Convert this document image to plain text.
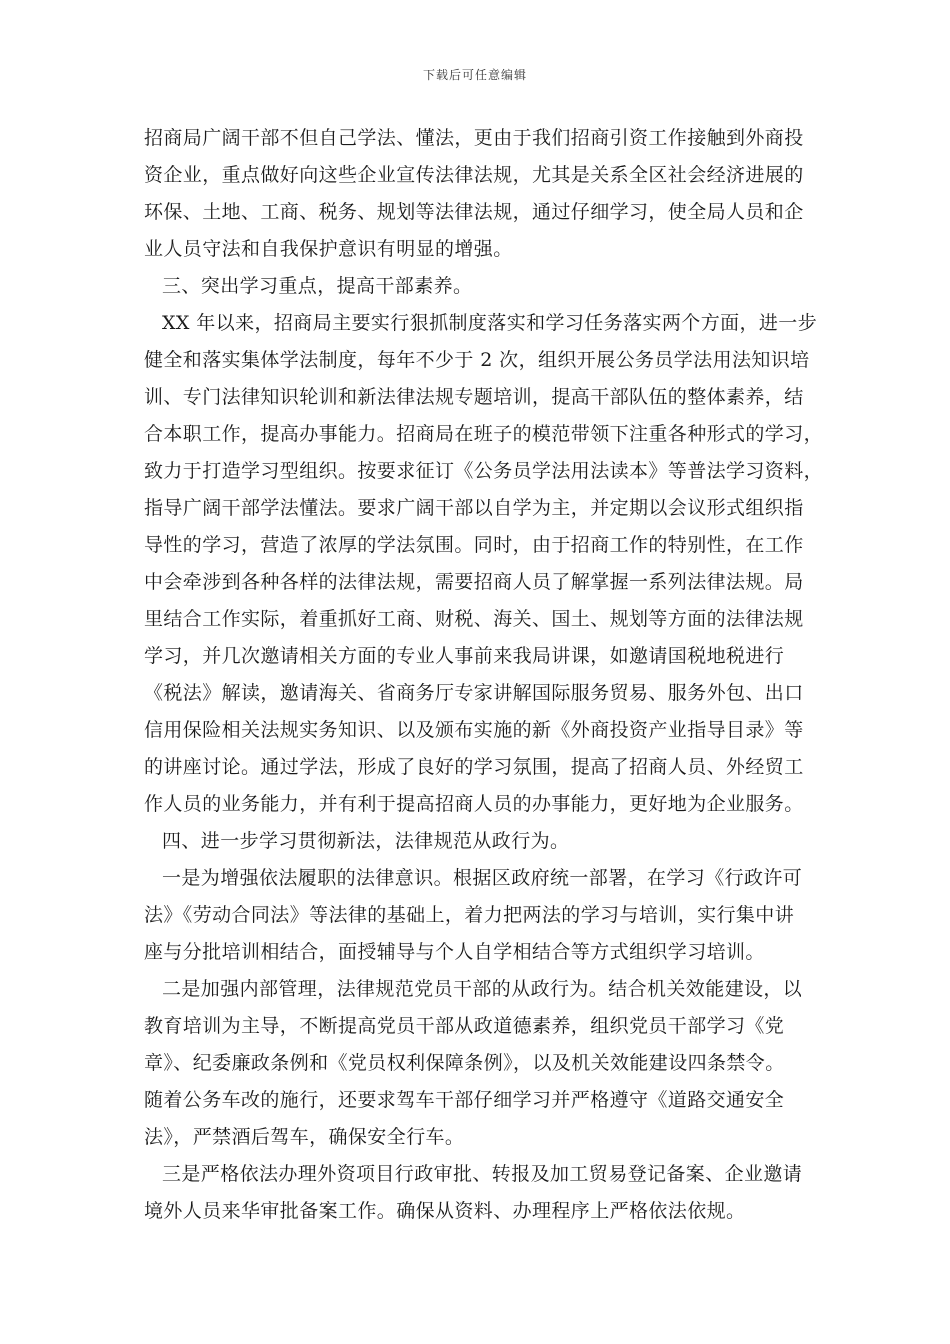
下载后可任意编辑

招商局广阔干部不但自己学法、懂法，更由于我们招商引资工作接触到外商投
资企业，重点做好向这些企业宣传法律法规，尤其是关系全区社会经济进展的
环保、土地、工商、税务、规划等法律法规，通过仔细学习，使全局人员和企
业人员守法和自我保护意识有明显的增强。

三、突出学习重点，提高干部素养。

XX 年以来，招商局主要实行狠抓制度落实和学习任务落实两个方面，进一步
健全和落实集体学法制度，每年不少于 2 次，组织开展公务员学法用法知识培
训、专门法律知识轮训和新法律法规专题培训，提高干部队伍的整体素养，结
合本职工作，提高办事能力。招商局在班子的模范带领下注重各种形式的学习，
致力于打造学习型组织。按要求征订《公务员学法用法读本》等普法学习资料，
指导广阔干部学法懂法。要求广阔干部以自学为主，并定期以会议形式组织指
导性的学习，营造了浓厚的学法氛围。同时，由于招商工作的特别性，在工作
中会牵涉到各种各样的法律法规，需要招商人员了解掌握一系列法律法规。局
里结合工作实际，着重抓好工商、财税、海关、国土、规划等方面的法律法规
学习，并几次邀请相关方面的专业人事前来我局讲课，如邀请国税地税进行
《税法》解读，邀请海关、省商务厅专家讲解国际服务贸易、服务外包、出口
信用保险相关法规实务知识、以及颁布实施的新《外商投资产业指导目录》等
的讲座讨论。通过学法，形成了良好的学习氛围，提高了招商人员、外经贸工
作人员的业务能力，并有利于提高招商人员的办事能力，更好地为企业服务。

四、进一步学习贯彻新法，法律规范从政行为。

一是为增强依法履职的法律意识。根据区政府统一部署，在学习《行政许可
法》《劳动合同法》等法律的基础上，着力把两法的学习与培训，实行集中讲
座与分批培训相结合，面授辅导与个人自学相结合等方式组织学习培训。

二是加强内部管理，法律规范党员干部的从政行为。结合机关效能建设，以
教育培训为主导，不断提高党员干部从政道德素养，组织党员干部学习《党
章》、纪委廉政条例和《党员权利保障条例》，以及机关效能建设四条禁令。
随着公务车改的施行，还要求驾车干部仔细学习并严格遵守《道路交通安全
法》，严禁酒后驾车，确保安全行车。

三是严格依法办理外资项目行政审批、转报及加工贸易登记备案、企业邀请
境外人员来华审批备案工作。确保从资料、办理程序上严格依法依规。
